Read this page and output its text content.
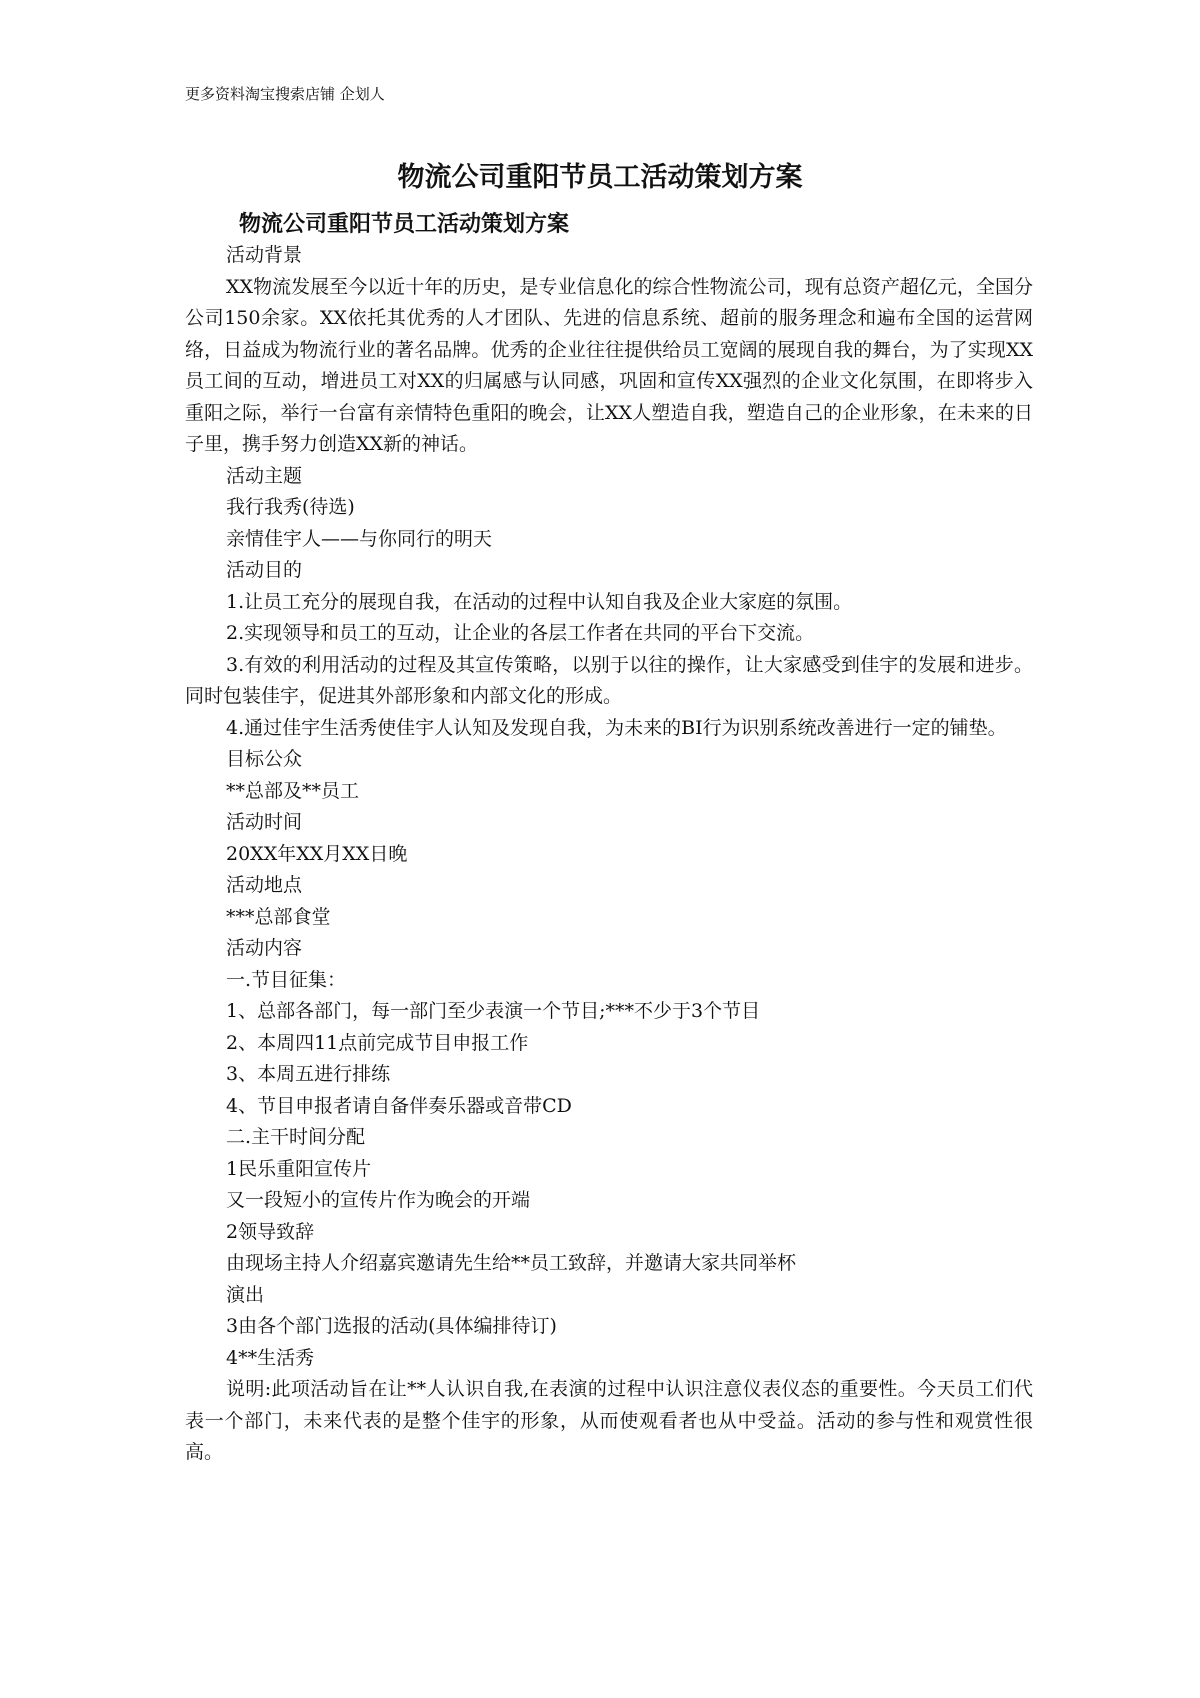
更多资料淘宝搜索店铺 企划人
物流公司重阳节员工活动策划方案

物流公司重阳节员工活动策划方案

活动背景

XX物流发展至今以近十年的历史，是专业信息化的综合性物流公司，现有总资产超亿元，全国分公司150余家。XX依托其优秀的人才团队、先进的信息系统、超前的服务理念和遍布全国的运营网络，日益成为物流行业的著名品牌。优秀的企业往往提供给员工宽阔的展现自我的舞台，为了实现XX员工间的互动，增进员工对XX的归属感与认同感，巩固和宣传XX强烈的企业文化氛围，在即将步入重阳之际，举行一台富有亲情特色重阳的晚会，让XX人塑造自我，塑造自己的企业形象，在未来的日子里，携手努力创造XX新的神话。

活动主题

我行我秀(待选)

亲情佳宇人——与你同行的明天

活动目的

1.让员工充分的展现自我，在活动的过程中认知自我及企业大家庭的氛围。

2.实现领导和员工的互动，让企业的各层工作者在共同的平台下交流。

3.有效的利用活动的过程及其宣传策略，以别于以往的操作，让大家感受到佳宇的发展和进步。同时包装佳宇，促进其外部形象和内部文化的形成。

4.通过佳宇生活秀使佳宇人认知及发现自我，为未来的BI行为识别系统改善进行一定的铺垫。

目标公众

**总部及**员工

活动时间

20XX年XX月XX日晚

活动地点

***总部食堂

活动内容

一.节目征集：

1、总部各部门，每一部门至少表演一个节目;***不少于3个节目

2、本周四11点前完成节目申报工作

3、本周五进行排练

4、节目申报者请自备伴奏乐器或音带CD

二.主干时间分配

1民乐重阳宣传片

又一段短小的宣传片作为晚会的开端

2领导致辞

由现场主持人介绍嘉宾邀请先生给**员工致辞，并邀请大家共同举杯

演出

3由各个部门选报的活动(具体编排待订)

4**生活秀

说明:此项活动旨在让**人认识自我,在表演的过程中认识注意仪表仪态的重要性。今天员工们代表一个部门，未来代表的是整个佳宇的形象，从而使观看者也从中受益。活动的参与性和观赏性很高。
